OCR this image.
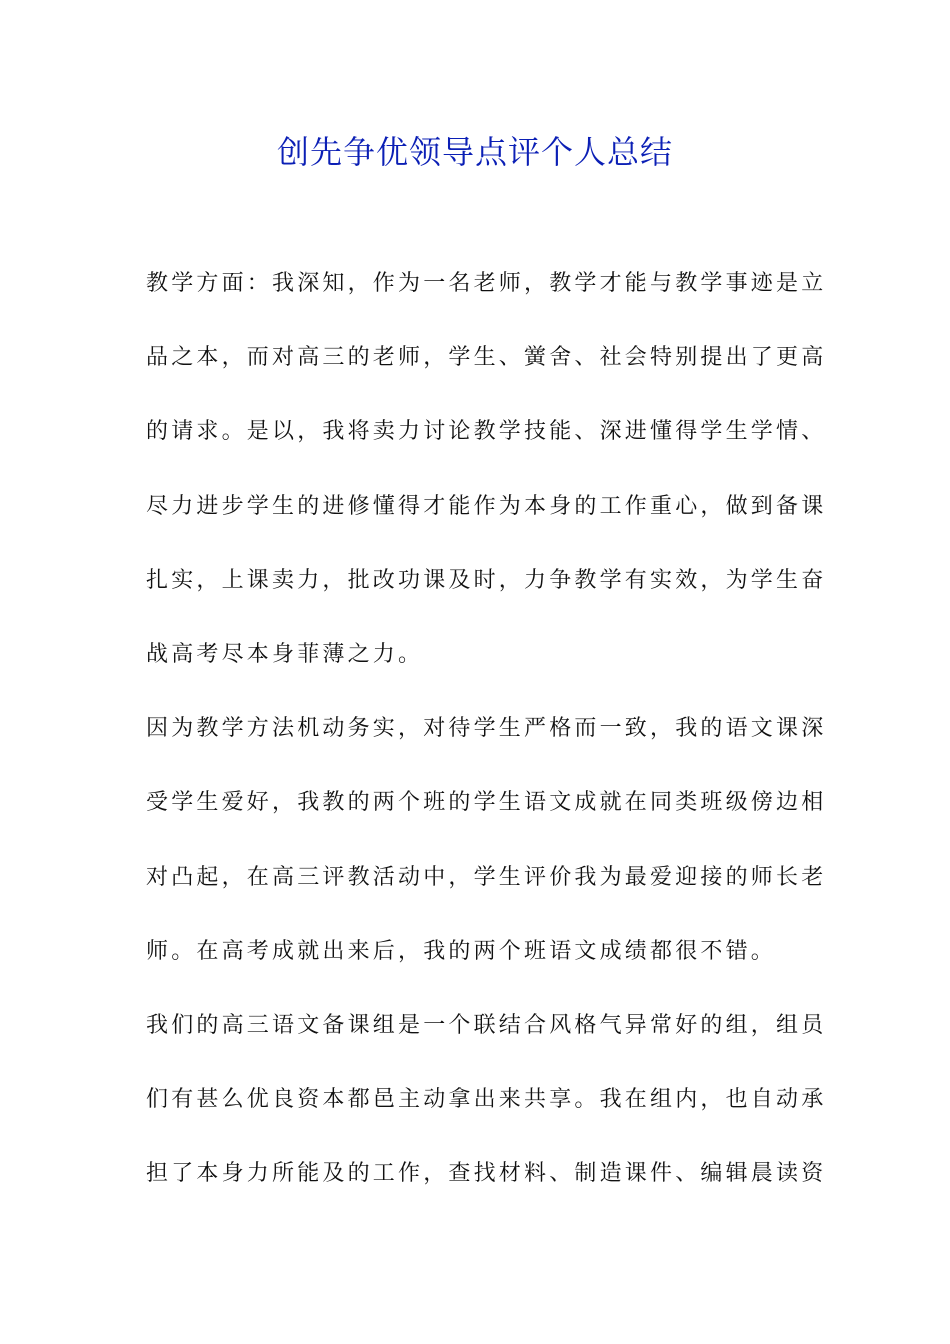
创先争优领导点评个人总结

教学方面：我深知，作为一名老师，教学才能与教学事迹是立
品之本，而对高三的老师，学生、黉舍、社会特别提出了更高
的请求。是以，我将卖力讨论教学技能、深进懂得学生学情、
尽力进步学生的进修懂得才能作为本身的工作重心，做到备课
扎实，上课卖力，批改功课及时，力争教学有实效，为学生奋
战高考尽本身菲薄之力。

因为教学方法机动务实，对待学生严格而一致，我的语文课深
受学生爱好，我教的两个班的学生语文成就在同类班级傍边相
对凸起，在高三评教活动中，学生评价我为最爱迎接的师长老
师。在高考成就出来后，我的两个班语文成绩都很不错。

我们的高三语文备课组是一个联结合风格气异常好的组，组员
们有甚么优良资本都邑主动拿出来共享。我在组内，也自动承
担了本身力所能及的工作，查找材料、制造课件、编辑晨读资
